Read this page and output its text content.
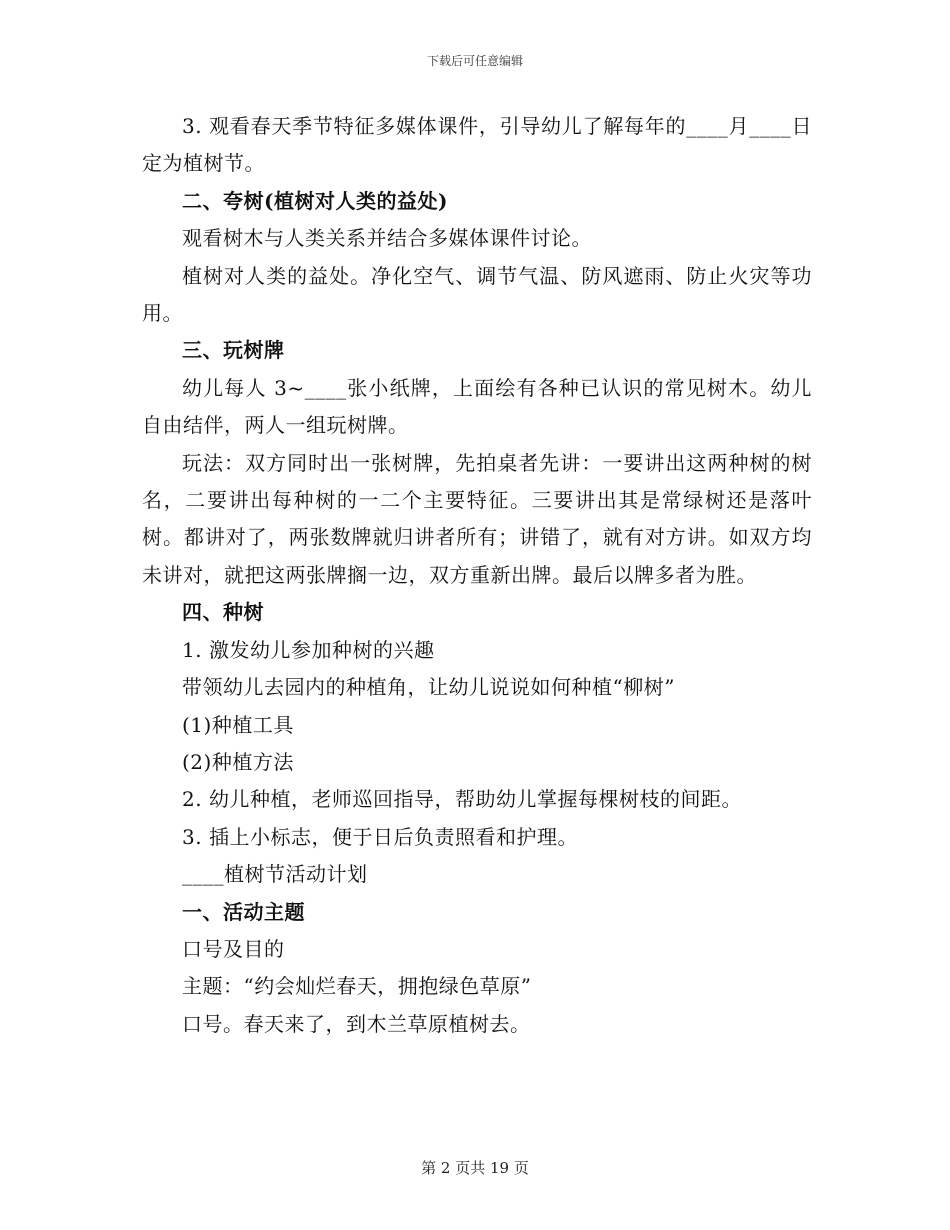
下载后可任意编辑

3. 观看春天季节特征多媒体课件，引导幼儿了解每年的____月____日定为植树节。

二、夸树(植树对人类的益处)

观看树木与人类关系并结合多媒体课件讨论。

植树对人类的益处。净化空气、调节气温、防风遮雨、防止火灾等功用。

三、玩树牌

幼儿每人 3~____张小纸牌，上面绘有各种已认识的常见树木。幼儿自由结伴，两人一组玩树牌。

玩法：双方同时出一张树牌，先拍桌者先讲：一要讲出这两种树的树名，二要讲出每种树的一二个主要特征。三要讲出其是常绿树还是落叶树。都讲对了，两张数牌就归讲者所有；讲错了，就有对方讲。如双方均未讲对，就把这两张牌搁一边，双方重新出牌。最后以牌多者为胜。

四、种树

1. 激发幼儿参加种树的兴趣

带领幼儿去园内的种植角，让幼儿说说如何种植“柳树”

(1)种植工具

(2)种植方法

2. 幼儿种植，老师巡回指导，帮助幼儿掌握每棵树枝的间距。

3. 插上小标志，便于日后负责照看和护理。

____植树节活动计划

一、活动主题

口号及目的

主题：“约会灿烂春天，拥抱绿色草原”

口号。春天来了，到木兰草原植树去。

第 2 页共 19 页
